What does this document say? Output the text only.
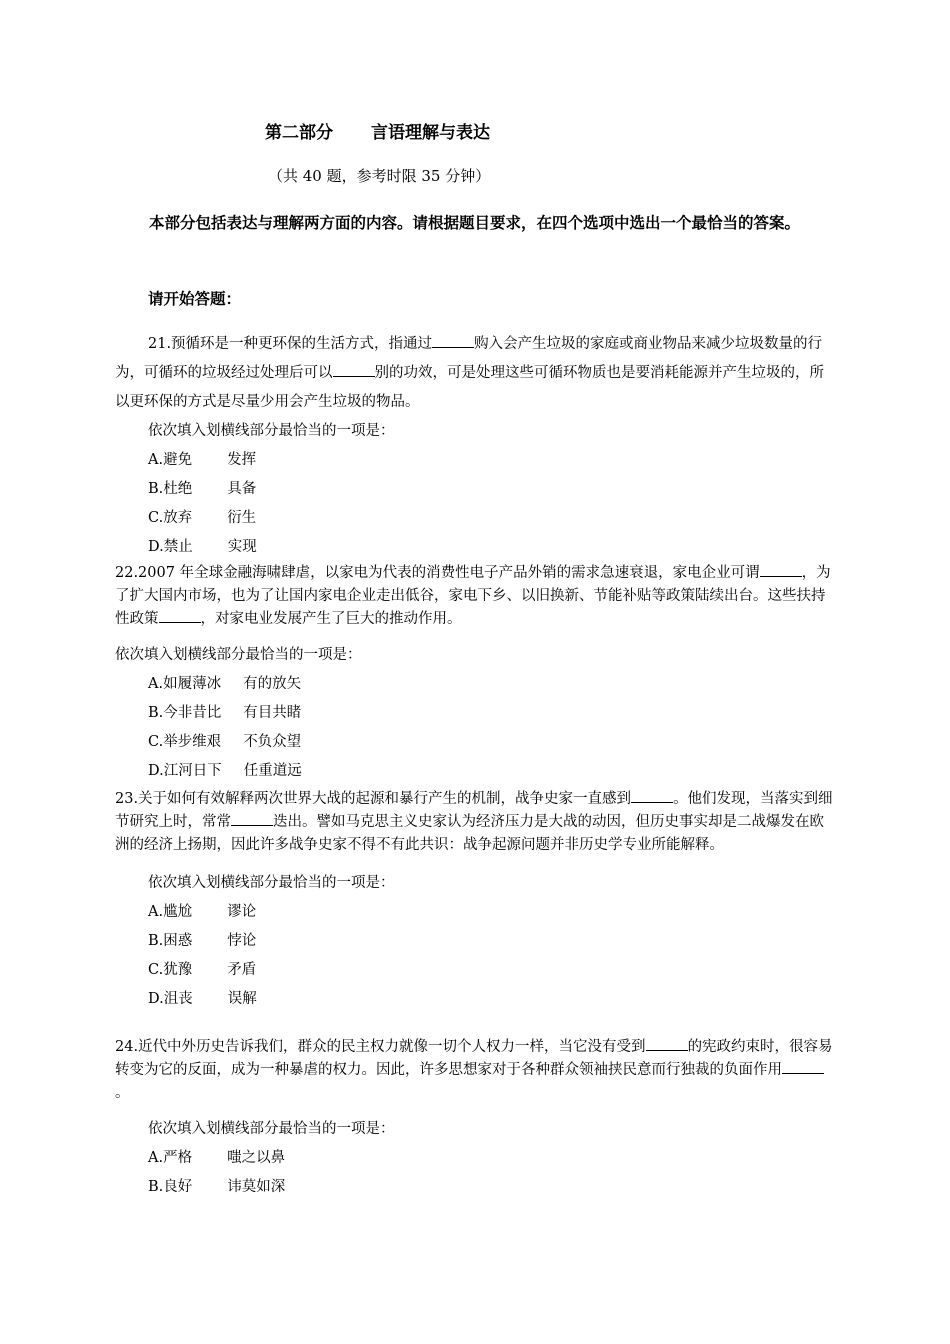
第二部分 言语理解与表达
（共 40 题，参考时限 35 分钟）
本部分包括表达与理解两方面的内容。请根据题目要求，在四个选项中选出一个最恰当的答案。
请开始答题：

21.预循环是一种更环保的生活方式，指通过	购入会产生垃圾的家庭或商业物品来减少垃圾数量的行为，可循环的垃圾经过处理后可以	别的功效，可是处理这些可循环物质也是要消耗能源并产生垃圾的，所以更环保的方式是尽量少用会产生垃圾的物品。

依次填入划横线部分最恰当的一项是：

A.避免 发挥
B.杜绝 具备
C.放弃 衍生
D.禁止 实现

22.2007 年全球金融海啸肆虐，以家电为代表的消费性电子产品外销的需求急速衰退，家电企业可谓	，为了扩大国内市场，也为了让国内家电企业走出低谷，家电下乡、以旧换新、节能补贴等政策陆续出台。这些扶持性政策	，对家电业发展产生了巨大的推动作用。

依次填入划横线部分最恰当的一项是：

A.如履薄冰 有的放矢
B.今非昔比 有目共睹
C.举步维艰 不负众望
D.江河日下 任重道远

23.关于如何有效解释两次世界大战的起源和暴行产生的机制，战争史家一直感到	。他们发现，当落实到细节研究上时，常常	迭出。譬如马克思主义史家认为经济压力是大战的动因，但历史事实却是二战爆发在欧洲的经济上扬期，因此许多战争史家不得不有此共识：战争起源问题并非历史学专业所能解释。

依次填入划横线部分最恰当的一项是：

A.尴尬 谬论
B.困惑 悖论
C.犹豫 矛盾
D.沮丧 误解

24.近代中外历史告诉我们，群众的民主权力就像一切个人权力一样，当它没有受到	的宪政约束时，很容易转变为它的反面，成为一种暴虐的权力。因此，许多思想家对于各种群众领袖挟民意而行独裁的负面作用。

依次填入划横线部分最恰当的一项是：

A.严格 嗤之以鼻
B.良好 讳莫如深
